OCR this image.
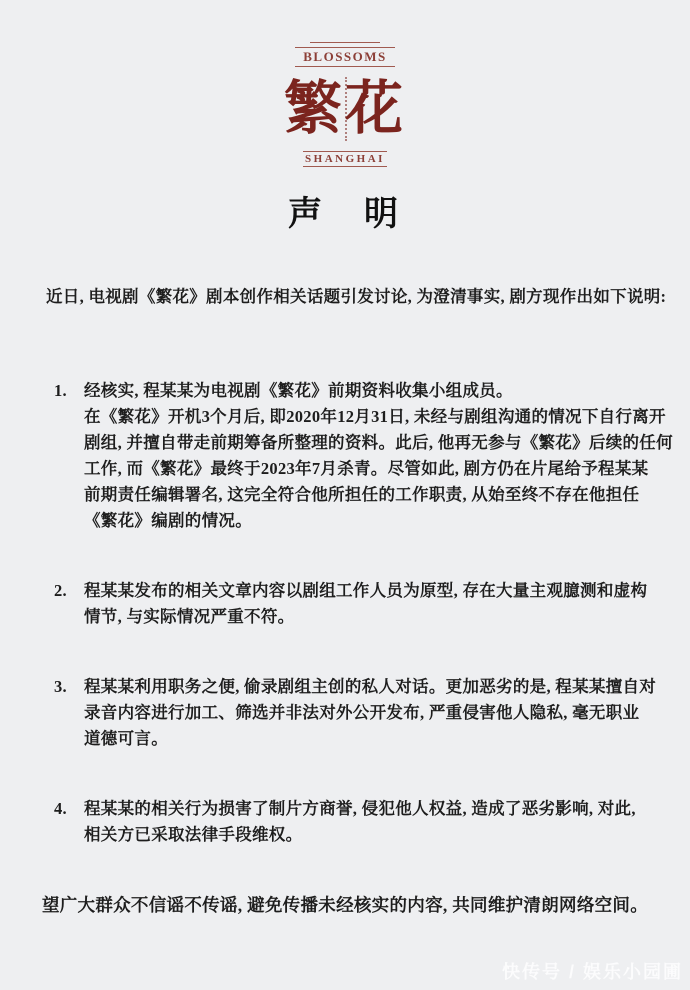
BLOSSOMS
繁花
SHANGHAI
声　明
近日, 电视剧《繁花》剧本创作相关话题引发讨论, 为澄清事实, 剧方现作出如下说明:
1.	经核实, 程某某为电视剧《繁花》前期资料收集小组成员。
在《繁花》开机3个月后, 即2020年12月31日, 未经与剧组沟通的情况下自行离开
剧组, 并擅自带走前期筹备所整理的资料。此后, 他再无参与《繁花》后续的任何
工作, 而《繁花》最终于2023年7月杀青。尽管如此, 剧方仍在片尾给予程某某
前期责任编辑署名, 这完全符合他所担任的工作职责, 从始至终不存在他担任
《繁花》编剧的情况。
2.	程某某发布的相关文章内容以剧组工作人员为原型, 存在大量主观臆测和虚构
情节, 与实际情况严重不符。
3.	程某某利用职务之便, 偷录剧组主创的私人对话。更加恶劣的是, 程某某擅自对
录音内容进行加工、筛选并非法对外公开发布, 严重侵害他人隐私, 毫无职业
道德可言。
4.	程某某的相关行为损害了制片方商誉, 侵犯他人权益, 造成了恶劣影响, 对此,
相关方已采取法律手段维权。
望广大群众不信谣不传谣, 避免传播未经核实的内容, 共同维护清朗网络空间。
快传号 / 娱乐小园圃
